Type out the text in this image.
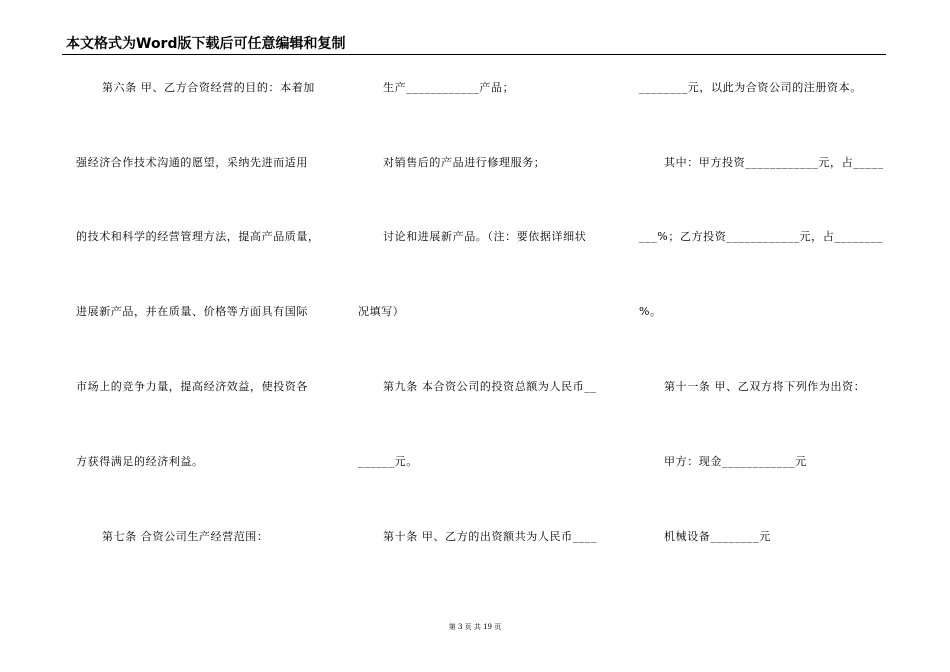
本文格式为Word版下载后可任意编辑和复制
第六条 甲、乙方合资经营的目的：本着加
强经济合作技术沟通的愿望，采纳先进而适用
的技术和科学的经营管理方法，提高产品质量，
进展新产品，并在质量、价格等方面具有国际
市场上的竞争力量，提高经济效益，使投资各
方获得满足的经济利益。
第七条 合资公司生产经营范围：
生产____________产品；
对销售后的产品进行修理服务；
讨论和进展新产品。（注：要依据详细状
况填写）
第九条 本合资公司的投资总额为人民币__
______元。
第十条 甲、乙方的出资额共为人民币____
________元，以此为合资公司的注册资本。
其中：甲方投资____________元，占_____
___%；乙方投资____________元，占________
%。
第十一条 甲、乙双方将下列作为出资：
甲方：现金____________元
机械设备________元
第 3 页 共 19 页
